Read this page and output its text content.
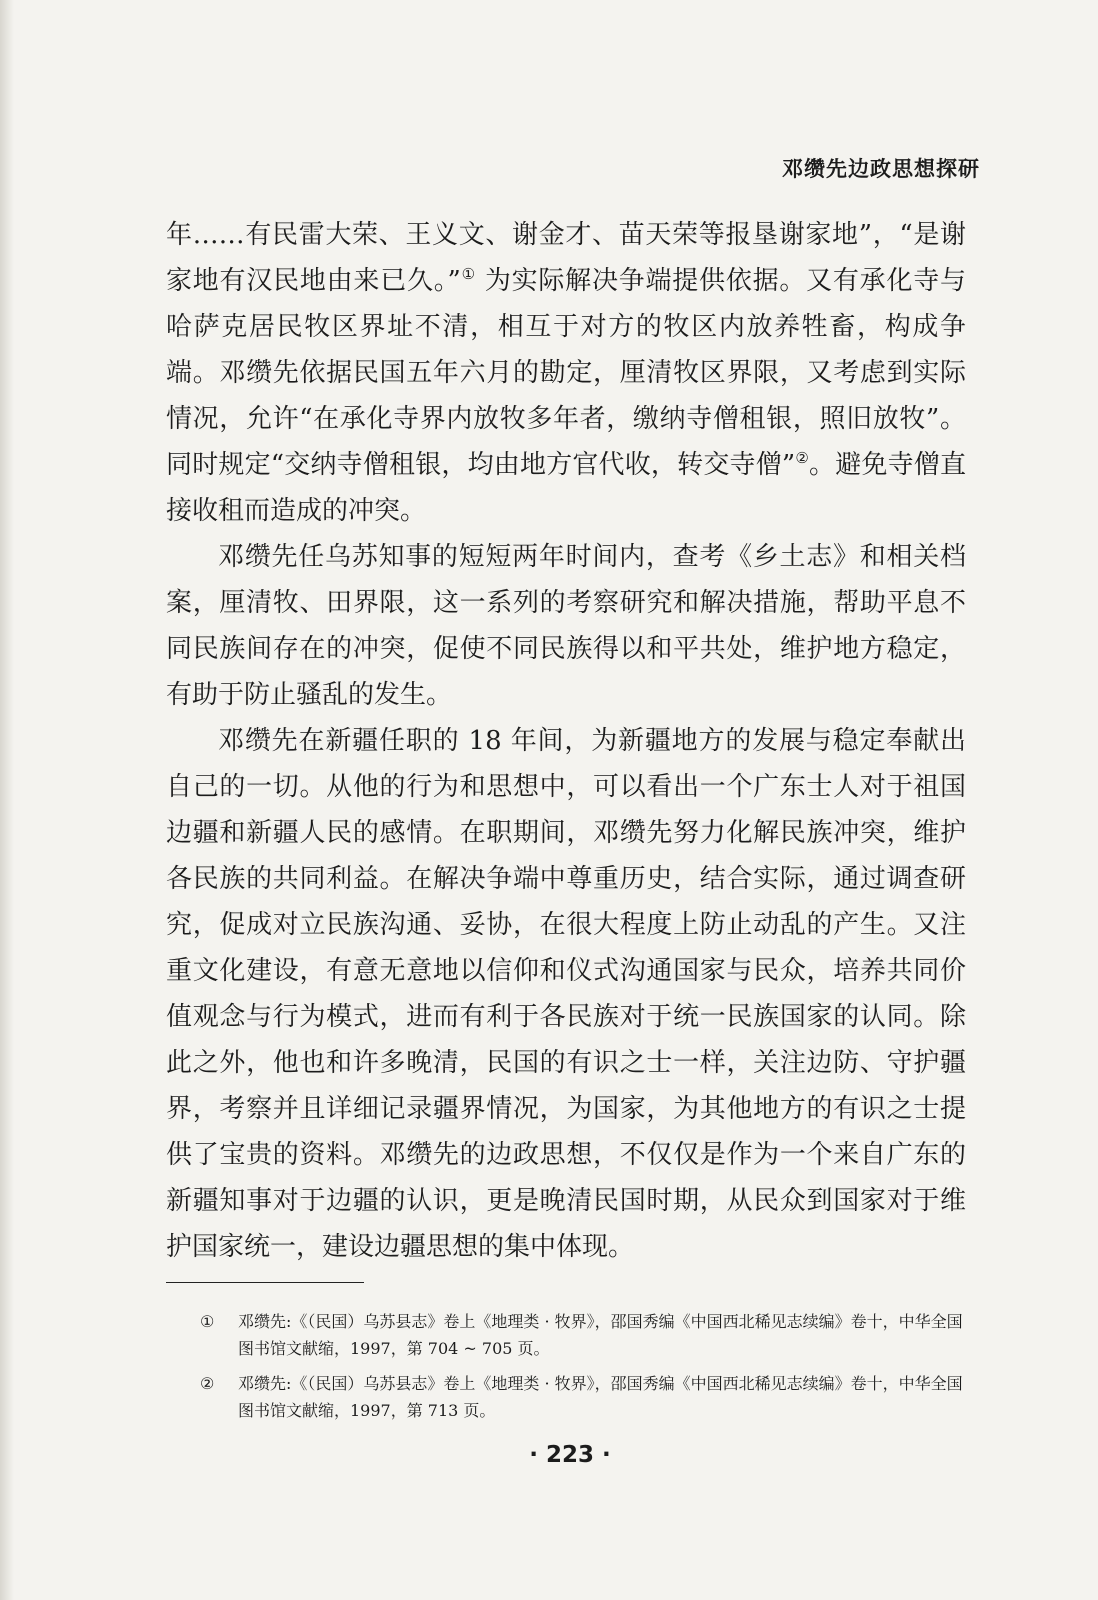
邓缵先边政思想探研

年……有民雷大荣、王义文、谢金才、苗天荣等报垦谢家地”，“是谢家地有汉民地由来已久。”① 为实际解决争端提供依据。又有承化寺与哈萨克居民牧区界址不清，相互于对方的牧区内放养牲畜，构成争端。邓缵先依据民国五年六月的勘定，厘清牧区界限，又考虑到实际情况，允许“在承化寺界内放牧多年者，缴纳寺僧租银，照旧放牧”。同时规定“交纳寺僧租银，均由地方官代收，转交寺僧”②。避免寺僧直接收租而造成的冲突。

邓缵先任乌苏知事的短短两年时间内，查考《乡土志》和相关档案，厘清牧、田界限，这一系列的考察研究和解决措施，帮助平息不同民族间存在的冲突，促使不同民族得以和平共处，维护地方稳定，有助于防止骚乱的发生。

邓缵先在新疆任职的 18 年间，为新疆地方的发展与稳定奉献出自己的一切。从他的行为和思想中，可以看出一个广东士人对于祖国边疆和新疆人民的感情。在职期间，邓缵先努力化解民族冲突，维护各民族的共同利益。在解决争端中尊重历史，结合实际，通过调查研究，促成对立民族沟通、妥协，在很大程度上防止动乱的产生。又注重文化建设，有意无意地以信仰和仪式沟通国家与民众，培养共同价值观念与行为模式，进而有利于各民族对于统一民族国家的认同。除此之外，他也和许多晚清，民国的有识之士一样，关注边防、守护疆界，考察并且详细记录疆界情况，为国家，为其他地方的有识之士提供了宝贵的资料。邓缵先的边政思想，不仅仅是作为一个来自广东的新疆知事对于边疆的认识，更是晚清民国时期，从民众到国家对于维护国家统一，建设边疆思想的集中体现。

① 邓缵先:《（民国）乌苏县志》卷上《地理类 · 牧界》，邵国秀编《中国西北稀见志续编》卷十，中华全国图书馆文献缩，1997，第 704 ~ 705 页。
② 邓缵先:《（民国）乌苏县志》卷上《地理类 · 牧界》，邵国秀编《中国西北稀见志续编》卷十，中华全国图书馆文献缩，1997，第 713 页。
· 223 ·
